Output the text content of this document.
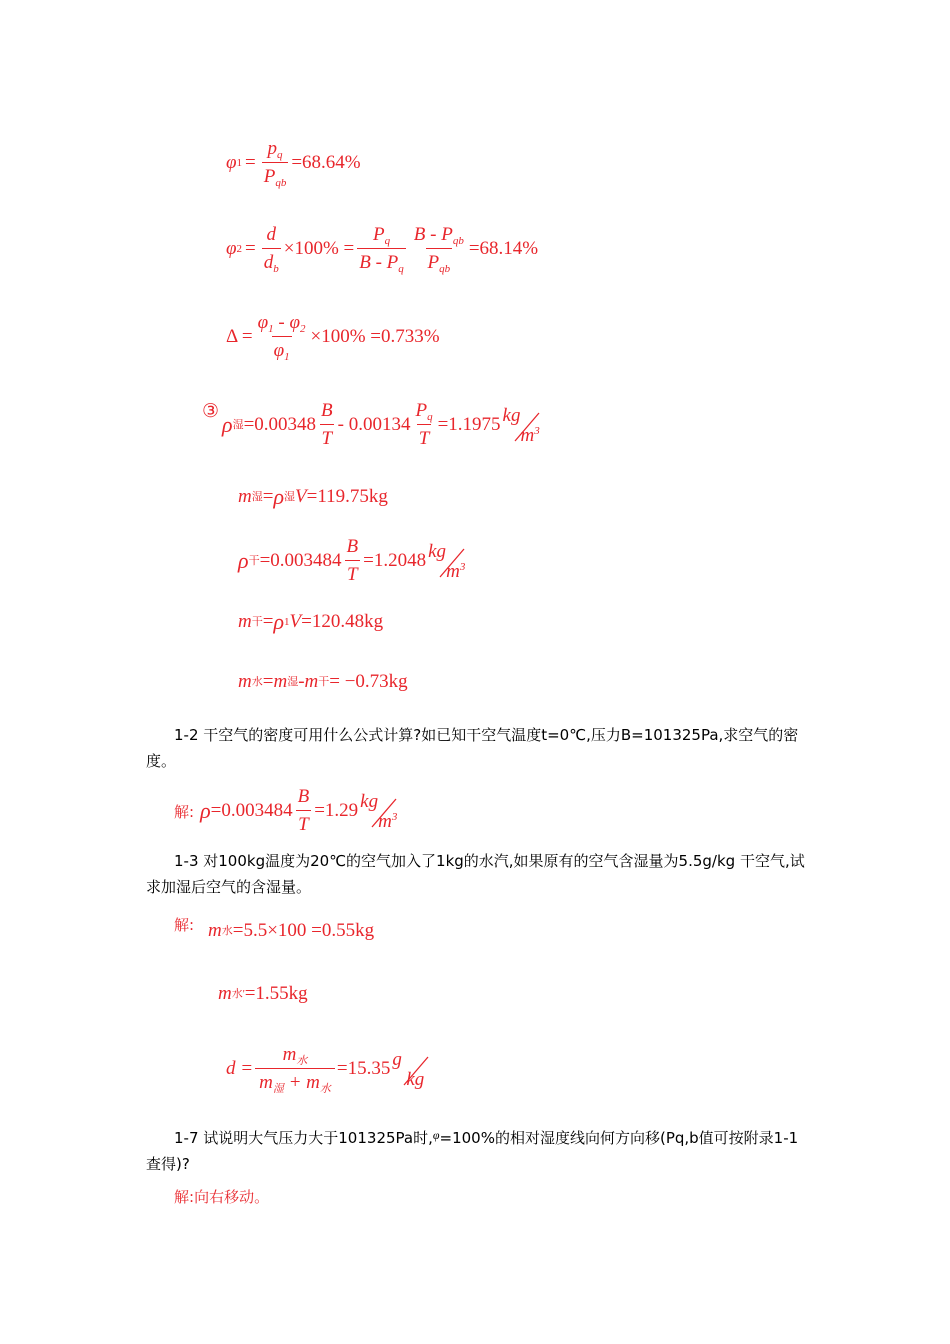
φ $1 = \frac{p_q}{P_{qb}} =68.64\%$
φ $2 = \frac{d}{d_b} \times 100\% = \frac{P_q}{B - P_q} \frac{B - P_{qb}}{P_{qb}} =68.14\%$
$\Delta = \frac{\varphi_1 - \varphi_2}{\varphi_1} \times 100\% =0.733\%$
③
ρ 湿 $=0.00348 \frac{B}{T} - 0.00134 \frac{P_q}{T} =1.1975$ kg
$m^3$
m 湿 = ρ 湿 V =119.75kg
ρ 干 $=0.003484 \frac{B}{T} =1.2048$ kg
$m^3$
m 干 = ρ 1 V =120.48kg
m 水 = m 湿 - m 干 = −0.73kg
1-2 干空气的密度可用什么公式计算?如已知干空气温度t=0℃,压力B=101325Pa,求空气的密度。
解: $\rho =0.003484 \frac{B}{T} =1.29$ kg
$m^3$
1-3 对100kg温度为20℃的空气加入了1kg的水汽,如果原有的空气含湿量为5.5g/kg 干空气,试求加湿后空气的含湿量。
解: m 水 =5.5×100 =0.55kg
m 水' =1.55kg
$d = \frac{m_水}{m_湿 + m_水} =15.35$ g
kg
1-7 试说明大气压力大于101325Pa时,$^\varphi$=100%的相对湿度线向何方向移(Pq,b值可按附录1-1查得)?
解:向右移动。
